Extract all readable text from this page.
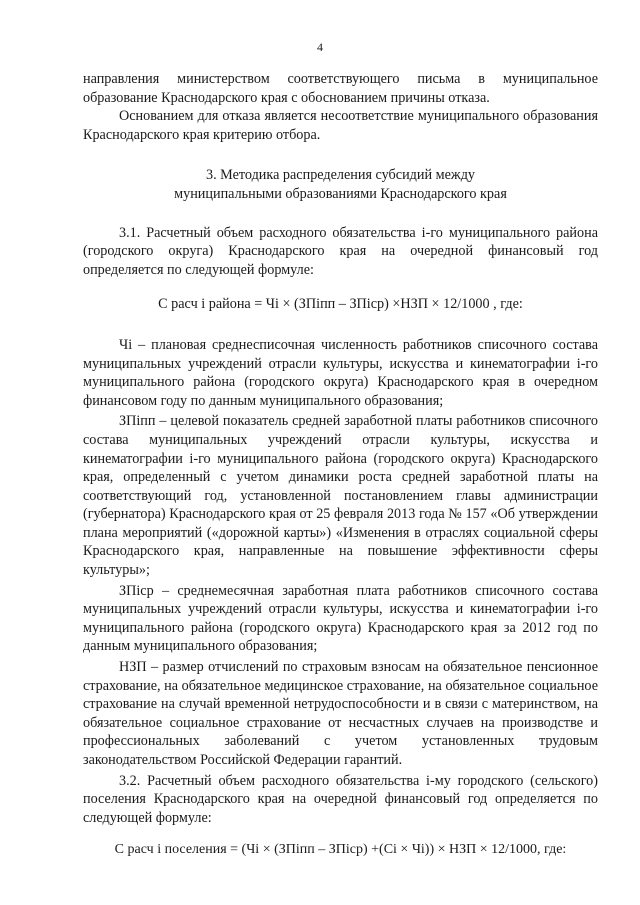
4

направления министерством соответствующего письма в муниципальное образование Краснодарского края с обоснованием причины отказа.

Основанием для отказа является несоответствие муниципального образования Краснодарского края критерию отбора.

3. Методика распределения субсидий между

муниципальными образованиями Краснодарского края

3.1. Расчетный объем расходного обязательства i-го муниципального района (городского округа) Краснодарского края на очередной финансовый год определяется по следующей формуле:

С расч i района = Чi × (ЗПiпп – ЗПiср) ×НЗП × 12/1000 , где:

Чi – плановая среднесписочная численность работников списочного состава муниципальных учреждений отрасли культуры, искусства и кинематографии i-го муниципального района (городского округа) Краснодарского края в очередном финансовом году по данным муниципального образования;

ЗПiпп – целевой показатель средней заработной платы работников списочного состава муниципальных учреждений отрасли культуры, искусства и кинематографии i-го муниципального района (городского округа) Краснодарского края, определенный с учетом динамики роста средней заработной платы на соответствующий год, установленной постановлением главы администрации (губернатора) Краснодарского края от 25 февраля 2013 года № 157 «Об утверждении плана мероприятий («дорожной карты») «Изменения в отраслях социальной сферы Краснодарского края, направленные на повышение эффективности сферы культуры»;

ЗПiср – среднемесячная заработная плата работников списочного состава муниципальных учреждений отрасли культуры, искусства и кинематографии i-го муниципального района (городского округа) Краснодарского края за 2012 год по данным муниципального образования;

НЗП – размер отчислений по страховым взносам на обязательное пенсионное страхование, на обязательное медицинское страхование, на обязательное социальное страхование на случай временной нетрудоспособности и в связи с материнством, на обязательное социальное страхование от несчастных случаев на производстве и профессиональных заболеваний с учетом установленных трудовым законодательством Российской Федерации гарантий.

3.2. Расчетный объем расходного обязательства i-му городского (сельского) поселения Краснодарского края на очередной финансовый год определяется по следующей формуле:

С расч i поселения = (Чi × (ЗПiпп – ЗПiср) +(Сi × Чi)) × НЗП × 12/1000, где:
